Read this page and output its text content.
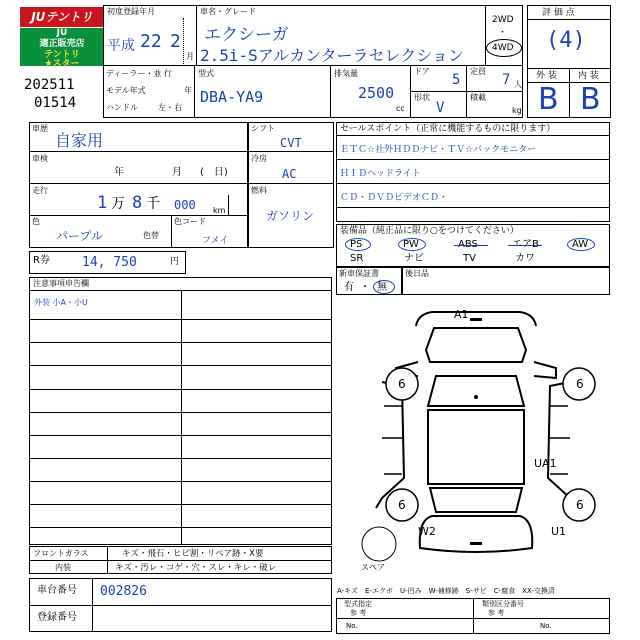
JUテントリ
JU
適正販売店
テントリ
★スター
202511
01514
初度登録年月
平成 22 2
月
車名・グレード
エクシーガ
2.5i-Sアルカンターラセレクション
2WD
・
4WD
ディーラー・並 行
モデル年式	年
ハンドル	左・右
型式
DBA-YA9
排気量
2500
cc
ドア
5
定員
7 人
形状
V
積載
kg
評 価 点
(4)
外 装 内 装
B B
車歴
自家用
車検
年	月 (　日)
走行
1 万 8 千 000 km
色
パープル	色替
色コード
フメイ
R券 14, 750	円
シフト
CVT
冷房
AC
燃料
ガソリン
セールスポイント（正常に機能するものに限ります）
ＥＴＣ☆社外ＨＤＤナビ・ＴＶ☆バックモニター
ＨＩＤヘッドライト
ＣＤ・ＤＶＤビデオＣＤ・
装備品（純正品に限り○をつけてください）
PS	PW	ABS	エアB	AW
SR	ナビ	TV	カワ
新車保証書
有 ・ 無
後日品
注意事項申告欄
外装 小A・小U
A1
6	6
UA1
6	6
W2	U1
スペア
フロントガラス	キズ・飛石・ヒビ割・リペア跡・X要
内装	キズ・汚レ・コゲ・穴・スレ・キレ・破レ
車台番号 002826
登録番号
A-キズ　E-エクボ　U-凹み　W-補修跡　S-サビ　C-腐食　XX-交換済
型式指定
参 考
類別区分番号
参 考
No.	No.
